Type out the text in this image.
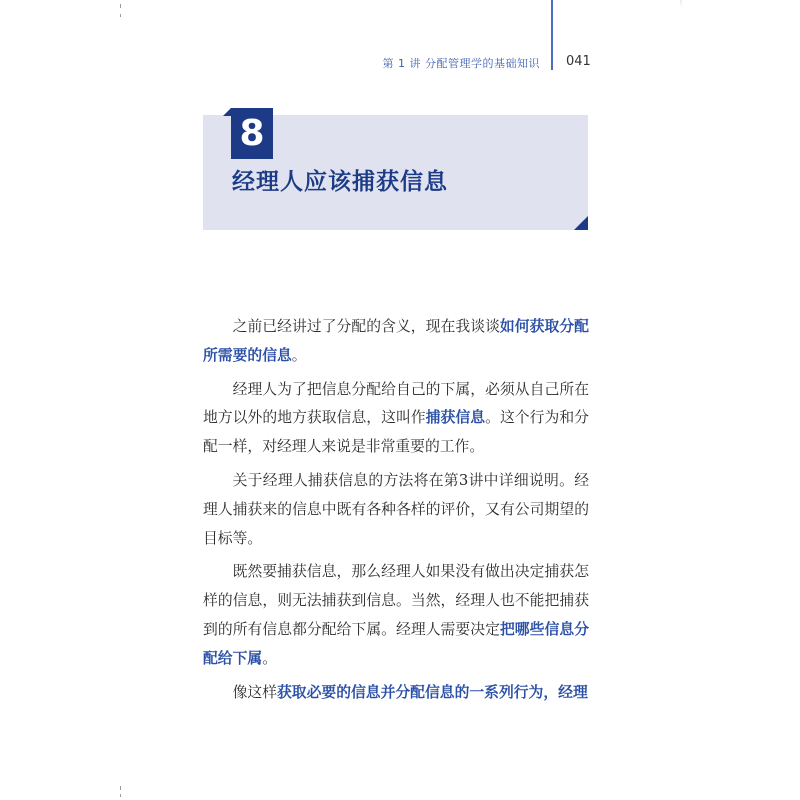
第 1 讲 分配管理学的基础知识 041
8
经理人应该捕获信息

之前已经讲过了分配的含义，现在我谈谈如何获取分配所需要的信息。

经理人为了把信息分配给自己的下属，必须从自己所在地方以外的地方获取信息，这叫作捕获信息。这个行为和分配一样，对经理人来说是非常重要的工作。

关于经理人捕获信息的方法将在第3讲中详细说明。经理人捕获来的信息中既有各种各样的评价，又有公司期望的目标等。

既然要捕获信息，那么经理人如果没有做出决定捕获怎样的信息，则无法捕获到信息。当然，经理人也不能把捕获到的所有信息都分配给下属。经理人需要决定把哪些信息分配给下属。

像这样获取必要的信息并分配信息的一系列行为，经理
